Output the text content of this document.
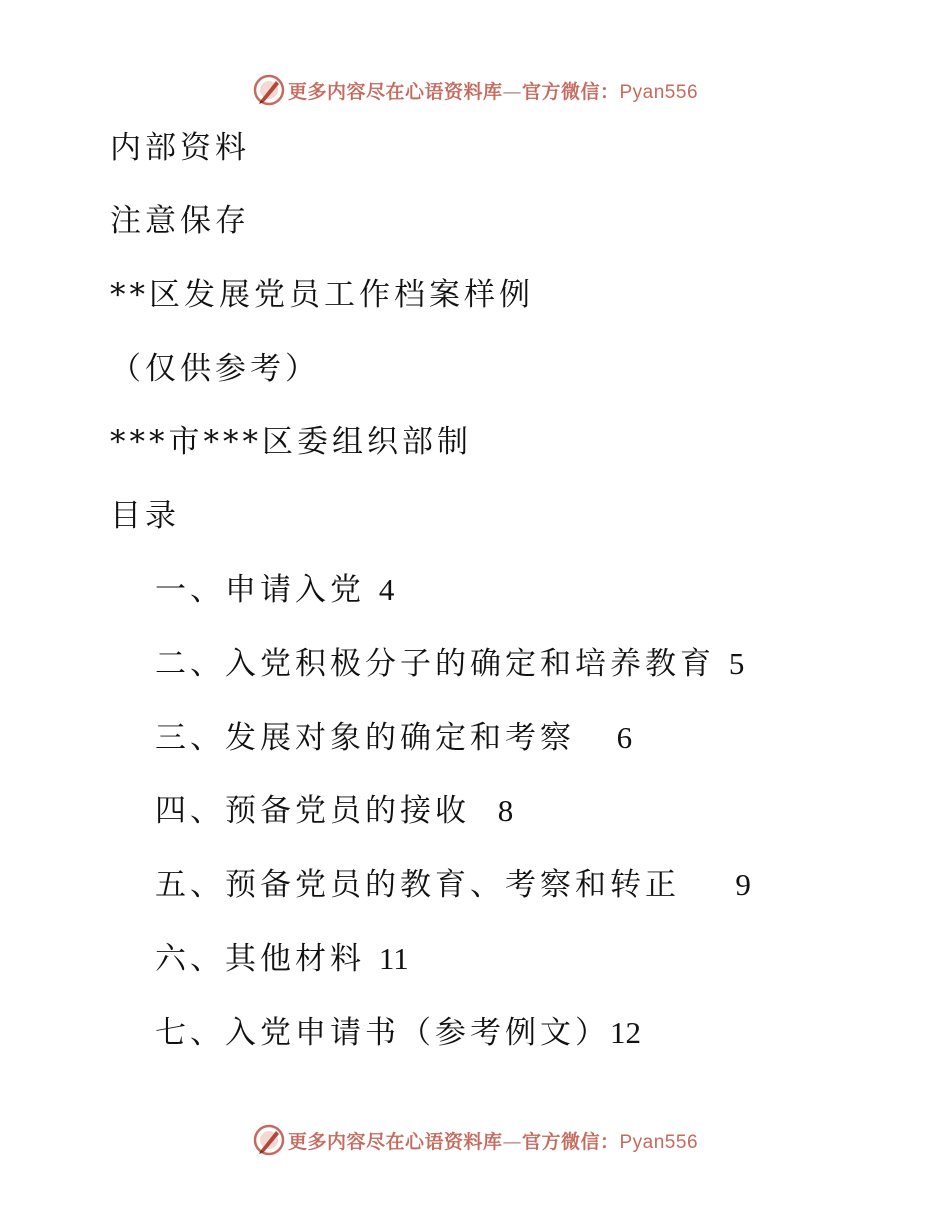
更多内容尽在心语资料库—官方微信：Pyan556
内部资料
注意保存
**区发展党员工作档案样例
（仅供参考）
***市***区委组织部制
目录
一、申请入党 4
二、入党积极分子的确定和培养教育 5
三、发展对象的确定和考察 6
四、预备党员的接收 8
五、预备党员的教育、考察和转正 9
六、其他材料 11
七、入党申请书（参考例文）12
更多内容尽在心语资料库—官方微信：Pyan556
